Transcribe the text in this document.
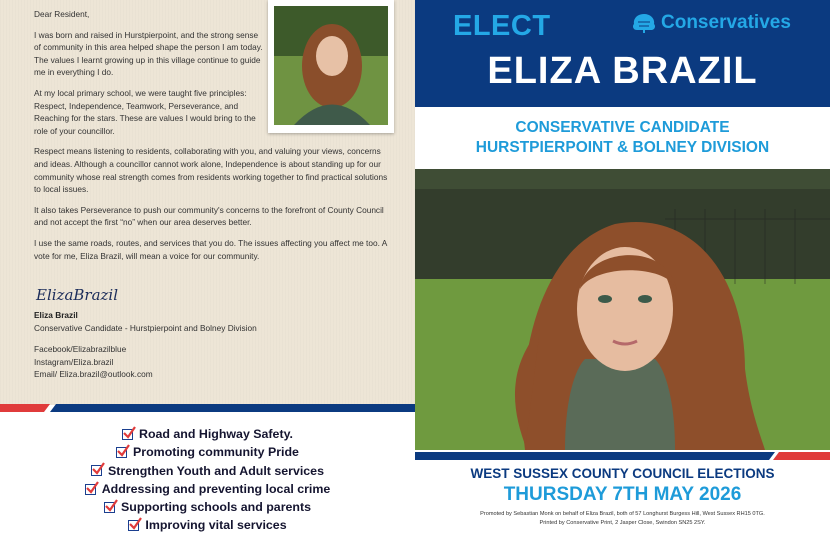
Dear Resident,

I was born and raised in Hurstpierpoint, and the strong sense of community in this area helped shape the person I am today. The values I learnt growing up in this village continue to guide me in everything I do.

At my local primary school, we were taught five principles: Respect, Independence, Teamwork, Perseverance, and Reaching for the stars. These are values I would bring to the role of your councillor.

Respect means listening to residents, collaborating with you, and valuing your views, concerns and ideas. Although a councillor cannot work alone, Independence is about standing up for our community whose real strength comes from residents working together to find practical solutions to local issues.

It also takes Perseverance to push our community's concerns to the forefront of County Council and not accept the first “no” when our area deserves better.

I use the same roads, routes, and services that you do. The issues affecting you affect me too. A vote for me, Eliza Brazil, will mean a voice for our community.

ElizaBrazil
Eliza Brazil
Conservative Candidate - Hurstpierpoint and Bolney Division
Facebook/Elizabrazilblue
Instagram/Eliza.brazil
Email/ Eliza.brazil@outlook.com
Road and Highway Safety.
Promoting community Pride
Strengthen Youth and Adult services
Addressing and preventing local crime
Supporting schools and parents
Improving vital services
ELECT	Conservatives
ELIZA BRAZIL
CONSERVATIVE CANDIDATE
HURSTPIERPOINT & BOLNEY DIVISION
WEST SUSSEX COUNTY COUNCIL ELECTIONS
THURSDAY 7TH MAY 2026
Promoted by Sebastian Monk on behalf of Eliza Brazil, both of 57 Longhurst Burgess Hill, West Sussex RH15 0TG.
Printed by Conservative Print, 2 Jasper Close, Swindon SN25 2SY.
